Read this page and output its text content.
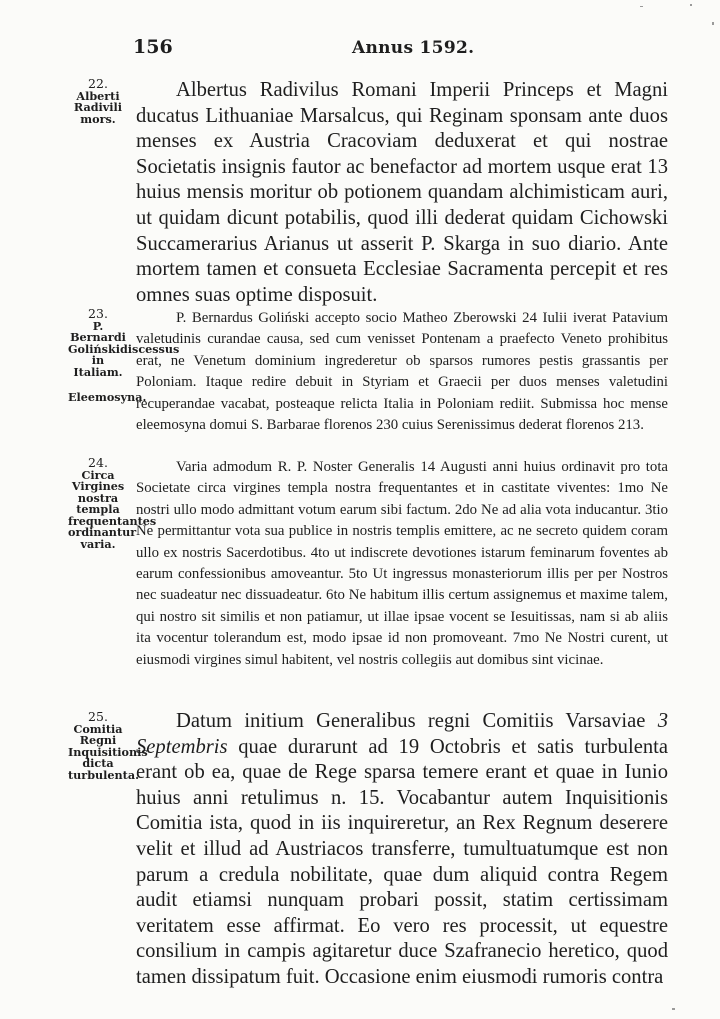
156	Annus 1592.
22.
Alberti Radivili mors.

Albertus Radivilus Romani Imperii Princeps et Magni ducatus Lithuaniae Marsalcus, qui Reginam sponsam ante duos menses ex Austria Cracoviam deduxerat et qui nostrae Societatis insignis fautor ac benefactor ad mortem usque erat 13 huius mensis moritur ob potionem quandam alchimisticam auri, ut quidam dicunt potabilis, quod illi dederat quidam Cichowski Succamerarius Arianus ut asserit P. Skarga in suo diario. Ante mortem tamen et consueta Ecclesiae Sacramenta percepit et res omnes suas optime disposuit.

23.
P. Bernardi Golińskidiscessus in Italiam.
Eleemosyna.

P. Bernardus Goliński accepto socio Matheo Zberowski 24 Iulii iverat Patavium valetudinis curandae causa, sed cum venisset Pontenam a praefecto Veneto prohibitus erat, ne Venetum dominium ingrederetur ob sparsos rumores pestis grassantis per Poloniam. Itaque redire debuit in Styriam et Graecii per duos menses valetudini recuperandae vacabat, posteaque relicta Italia in Poloniam rediit. Submissa hoc mense eleemosyna domui S. Barbarae florenos 230 cuius Serenissimus dederat florenos 213.

24.
Circa Virgines nostra templa frequentantes ordinantur varia.

Varia admodum R. P. Noster Generalis 14 Augusti anni huius ordinavit pro tota Societate circa virgines templa nostra frequentantes et in castitate viventes: 1mo Ne nostri ullo modo admittant votum earum sibi factum. 2do Ne ad alia vota inducantur. 3tio Ne permittantur vota sua publice in nostris templis emittere, ac ne secreto quidem coram ullo ex nostris Sacerdotibus. 4to ut indiscrete devotiones istarum feminarum foventes ab earum confessionibus amoveantur. 5to Ut ingressus monasteriorum illis per per Nostros nec suadeatur nec dissuadeatur. 6to Ne habitum illis certum assignemus et maxime talem, qui nostro sit similis et non patiamur, ut illae ipsae vocent se Iesuitissas, nam si ab aliis ita vocentur tolerandum est, modo ipsae id non promoveant. 7mo Ne Nostri curent, ut eiusmodi virgines simul habitent, vel nostris collegiis aut domibus sint vicinae.

25.
Comitia Regni Inquisitionis dicta turbulenta.

Datum initium Generalibus regni Comitiis Varsaviae 3 Septembris quae durarunt ad 19 Octobris et satis turbulenta erant ob ea, quae de Rege sparsa temere erant et quae in Iunio huius anni retulimus n. 15. Vocabantur autem Inquisitionis Comitia ista, quod in iis inquireretur, an Rex Regnum deserere velit et illud ad Austriacos transferre, tumultuatumque est non parum a credula nobilitate, quae dum aliquid contra Regem audit etiamsi nunquam probari possit, statim certissimam veritatem esse affirmat. Eo vero res processit, ut equestre consilium in campis agitaretur duce Szafranecio heretico, quod tamen dissipatum fuit. Occasione enim eiusmodi rumoris contra
